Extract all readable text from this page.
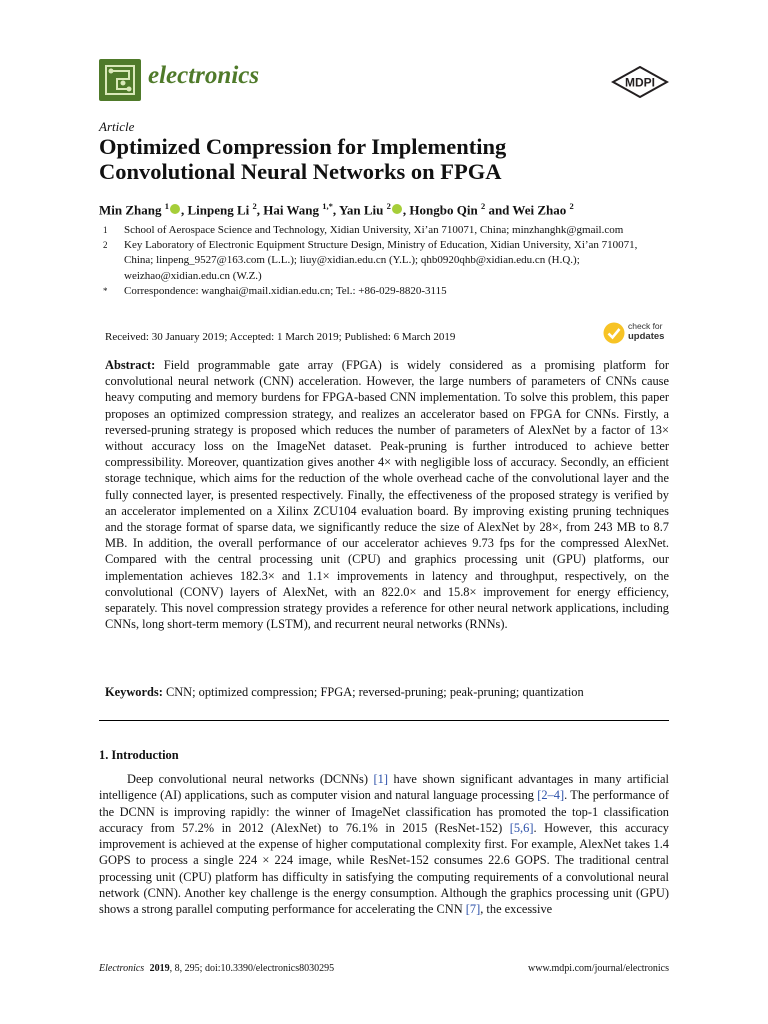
electronics	MDPI
Article
Optimized Compression for Implementing Convolutional Neural Networks on FPGA
Min Zhang $^1$ , Linpeng Li $^2$, Hai Wang $^{1,*}$, Yan Liu $^2$ , Hongbo Qin $^2$ and Wei Zhao $^2$
1	School of Aerospace Science and Technology, Xidian University, Xi’an 710071, China; minzhanghk@gmail.com
2	Key Laboratory of Electronic Equipment Structure Design, Ministry of Education, Xidian University, Xi’an 710071, China; linpeng_9527@163.com (L.L.); liuy@xidian.edu.cn (Y.L.); qhb0920qhb@xidian.edu.cn (H.Q.); weizhao@xidian.edu.cn (W.Z.)
*	Correspondence: wanghai@mail.xidian.edu.cn; Tel.: +86-029-8820-3115
Received: 30 January 2019; Accepted: 1 March 2019; Published: 6 March 2019
check for
updates
Abstract: Field programmable gate array (FPGA) is widely considered as a promising platform for convolutional neural network (CNN) acceleration. However, the large numbers of parameters of CNNs cause heavy computing and memory burdens for FPGA-based CNN implementation. To solve this problem, this paper proposes an optimized compression strategy, and realizes an accelerator based on FPGA for CNNs. Firstly, a reversed-pruning strategy is proposed which reduces the number of parameters of AlexNet by a factor of 13× without accuracy loss on the ImageNet dataset. Peak-pruning is further introduced to achieve better compressibility. Moreover, quantization gives another 4× with negligible loss of accuracy. Secondly, an efficient storage technique, which aims for the reduction of the whole overhead cache of the convolutional layer and the fully connected layer, is presented respectively. Finally, the effectiveness of the proposed strategy is verified by an accelerator implemented on a Xilinx ZCU104 evaluation board. By improving existing pruning techniques and the storage format of sparse data, we significantly reduce the size of AlexNet by 28×, from 243 MB to 8.7 MB. In addition, the overall performance of our accelerator achieves 9.73 fps for the compressed AlexNet. Compared with the central processing unit (CPU) and graphics processing unit (GPU) platforms, our implementation achieves 182.3× and 1.1× improvements in latency and throughput, respectively, on the convolutional (CONV) layers of AlexNet, with an 822.0× and 15.8× improvement for energy efficiency, separately. This novel compression strategy provides a reference for other neural network applications, including CNNs, long short-term memory (LSTM), and recurrent neural networks (RNNs).
Keywords: CNN; optimized compression; FPGA; reversed-pruning; peak-pruning; quantization
1. Introduction
Deep convolutional neural networks (DCNNs) [1] have shown significant advantages in many artificial intelligence (AI) applications, such as computer vision and natural language processing [2–4]. The performance of the DCNN is improving rapidly: the winner of ImageNet classification has promoted the top-1 classification accuracy from 57.2% in 2012 (AlexNet) to 76.1% in 2015 (ResNet-152) [5,6]. However, this accuracy improvement is achieved at the expense of higher computational complexity first. For example, AlexNet takes 1.4 GOPS to process a single 224 × 224 image, while ResNet-152 consumes 22.6 GOPS. The traditional central processing unit (CPU) platform has difficulty in satisfying the computing requirements of a convolutional neural network (CNN). Another key challenge is the energy consumption. Although the graphics processing unit (GPU) shows a strong parallel computing performance for accelerating the CNN [7], the excessive
Electronics 2019, 8, 295; doi:10.3390/electronics8030295	www.mdpi.com/journal/electronics
